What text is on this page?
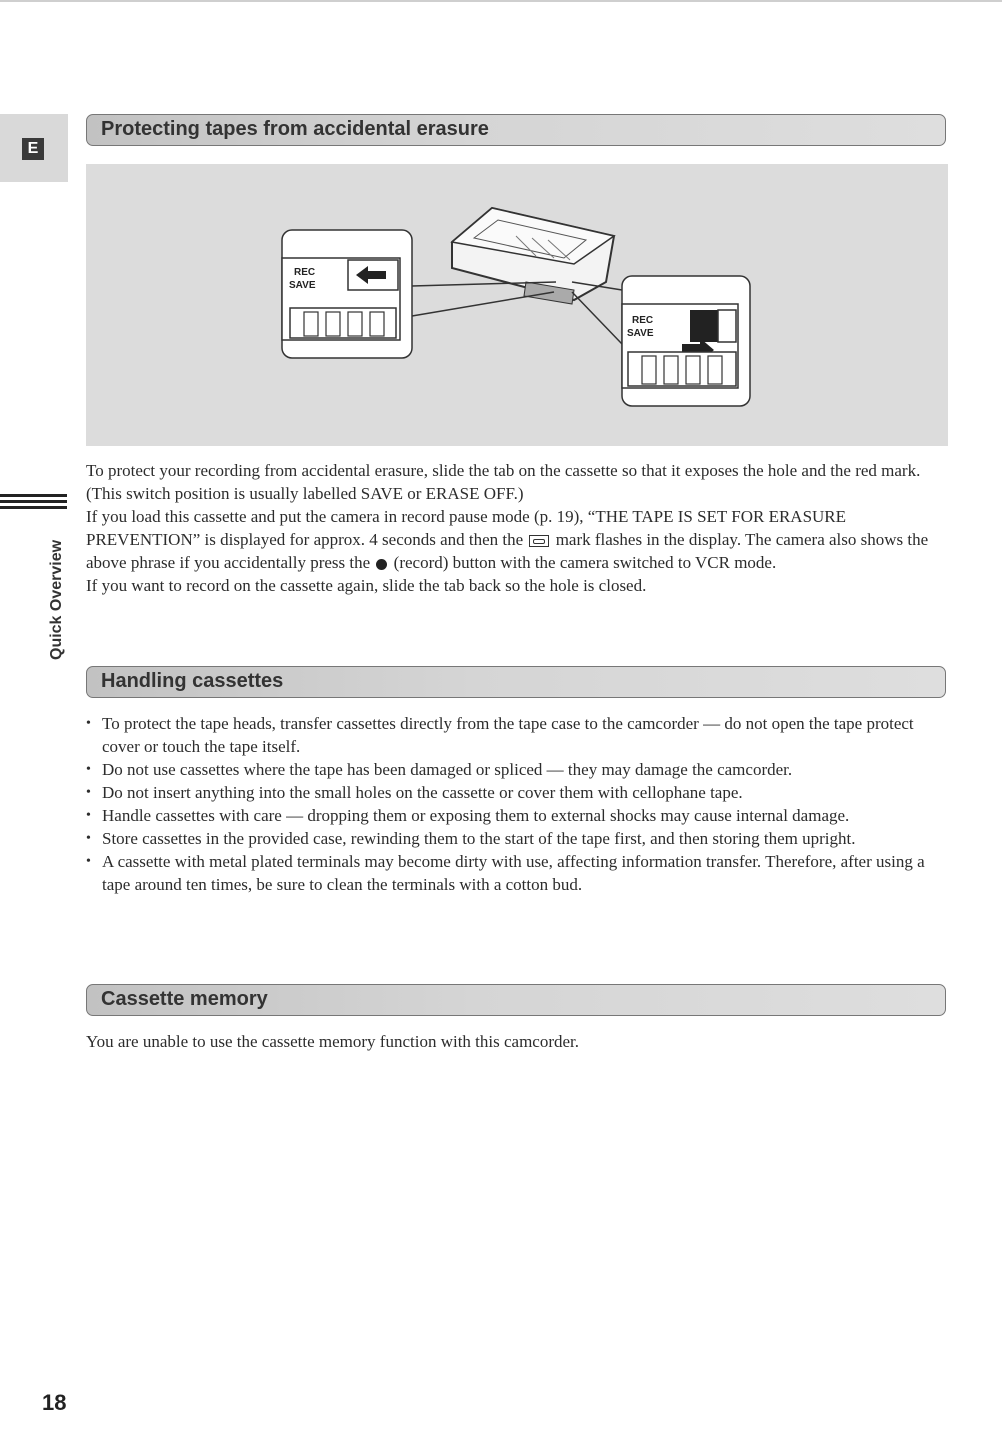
E
Quick Overview
Protecting tapes from accidental erasure
REC
SAVE
REC
SAVE

To protect your recording from accidental erasure, slide the tab on the cassette so that it exposes the hole and the red mark. (This switch position is usually labelled SAVE or ERASE OFF.)

If you load this cassette and put the camera in record pause mode (p. 19), “THE TAPE IS SET FOR ERASURE PREVENTION” is displayed for approx. 4 seconds and then the mark flashes in the display. The camera also shows the above phrase if you accidentally press the (record) button with the camera switched to VCR mode.

If you want to record on the cassette again, slide the tab back so the hole is closed.

Handling cassettes
• To protect the tape heads, transfer cassettes directly from the tape case to the camcorder — do not open the tape protect cover or touch the tape itself.
• Do not use cassettes where the tape has been damaged or spliced — they may damage the camcorder.
• Do not insert anything into the small holes on the cassette or cover them with cellophane tape.
• Handle cassettes with care — dropping them or exposing them to external shocks may cause internal damage.
• Store cassettes in the provided case, rewinding them to the start of the tape first, and then storing them upright.
• A cassette with metal plated terminals may become dirty with use, affecting information transfer. Therefore, after using a tape around ten times, be sure to clean the terminals with a cotton bud.
Cassette memory

You are unable to use the cassette memory function with this camcorder.

18
